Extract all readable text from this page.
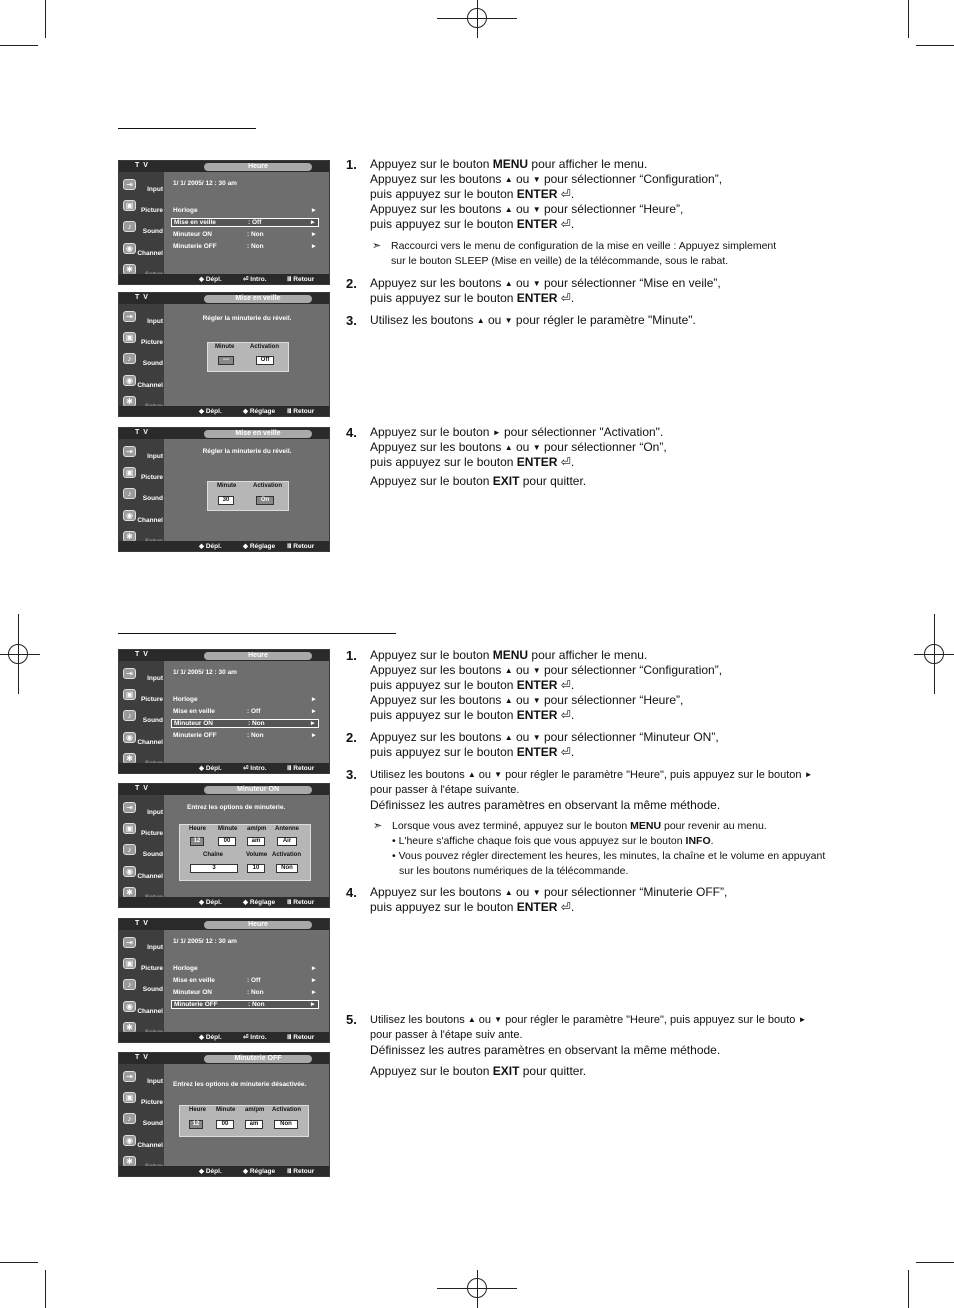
T V	Heure
⇥
Input
▣
Picture
♪
Sound
◉
Channel
✱
1/ 1/ 2005/ 12 : 30 am
Horloge	►
Mise en veille	: Off	►
Minuteur ON	: Non	►
Minuterie OFF	: Non	►
◆ Dépl.	⏎ Intro.	Ⅲ Retour
T V	Mise en veille
⇥
Input
▣
Picture
♪
Sound
◉
Channel
✱
Régler la minuterie du réveil.
Minute	Activation
---	Off
◆ Dépl.	◆ Réglage Ⅲ Retour
T V	Mise en veille
⇥
Input
▣
Picture
♪
Sound
◉
Channel
✱
Régler la minuterie du réveil.
Minute	Activation
30	On
◆ Dépl.	◆ Réglage Ⅲ Retour
T V	Heure
⇥
Input
▣
Picture
♪
Sound
◉
Channel
✱
1/ 1/ 2005/ 12 : 30 am
Horloge	►
Mise en veille	: Off	►
Minuteur ON	: Non	►
Minuterie OFF	: Non	►
◆ Dépl.	⏎ Intro.	Ⅲ Retour
T V	Minuteur ON
⇥
Input
▣
Picture
♪
Sound
◉
Channel
✱
Entrez les options de minuterie.
Heure Minute am/pm Antenne
12	00	am	Air
Chaîne	Volume Activation
3	10	Non
◆ Dépl.	◆ Réglage Ⅲ Retour
T V	Heure
⇥
Input
▣
Picture
♪
Sound
◉
Channel
✱
1/ 1/ 2005/ 12 : 30 am
Horloge	►
Mise en veille	: Off	►
Minuteur ON	: Non	►
Minuterie OFF	: Non	►
◆ Dépl.	⏎ Intro.	Ⅲ Retour
T V	Minuterie OFF
⇥
Input
▣
Picture
♪
Sound
◉
Channel
✱
Entrez les options de minuterie désactivée.
Heure Minute am/pm Activation
12	00	am	Non
◆ Dépl.	◆ Réglage Ⅲ Retour
1. Appuyez sur le bouton MENU pour afficher le menu.
Appuyez sur les boutons ▲ ou ▼ pour sélectionner “Configuration”,
puis appuyez sur le bouton ENTER ⏎.
Appuyez sur les boutons ▲ ou ▼ pour sélectionner “Heure”,
puis appuyez sur le bouton ENTER ⏎.
➣ Raccourci vers le menu de configuration de la mise en veille : Appuyez simplement
sur le bouton SLEEP (Mise en veille) de la télécommande, sous le rabat.
2. Appuyez sur les boutons ▲ ou ▼ pour sélectionner “Mise en veile”,
puis appuyez sur le bouton ENTER ⏎.
3. Utilisez les boutons ▲ ou ▼ pour régler le paramètre "Minute".
4. Appuyez sur le bouton ► pour sélectionner "Activation".
Appuyez sur les boutons ▲ ou ▼ pour sélectionner “On”,
puis appuyez sur le bouton ENTER ⏎.
Appuyez sur le bouton EXIT pour quitter.
1. Appuyez sur le bouton MENU pour afficher le menu.
Appuyez sur les boutons ▲ ou ▼ pour sélectionner “Configuration”,
puis appuyez sur le bouton ENTER ⏎.
Appuyez sur les boutons ▲ ou ▼ pour sélectionner “Heure”,
puis appuyez sur le bouton ENTER ⏎.
2. Appuyez sur les boutons ▲ ou ▼ pour sélectionner “Minuteur ON”,
puis appuyez sur le bouton ENTER ⏎.
3. Utilisez les boutons ▲ ou ▼ pour régler le paramètre "Heure", puis appuyez sur le bouton ►
pour passer à l'étape suivante.
Définissez les autres paramètres en observant la même méthode.
➣ Lorsque vous avez terminé, appuyez sur le bouton MENU pour revenir au menu.
• L'heure s'affiche chaque fois que vous appuyez sur le bouton INFO.
• Vous pouvez régler directement les heures, les minutes, la chaîne et le volume en appuyant
sur les boutons numériques de la télécommande.
4. Appuyez sur les boutons ▲ ou ▼ pour sélectionner “Minuterie OFF”,
puis appuyez sur le bouton ENTER ⏎.
5. Utilisez les boutons ▲ ou ▼ pour régler le paramètre "Heure", puis appuyez sur le bouto ►
pour passer à l'étape suiv ante.
Définissez les autres paramètres en observant la même méthode.
Appuyez sur le bouton EXIT pour quitter.
